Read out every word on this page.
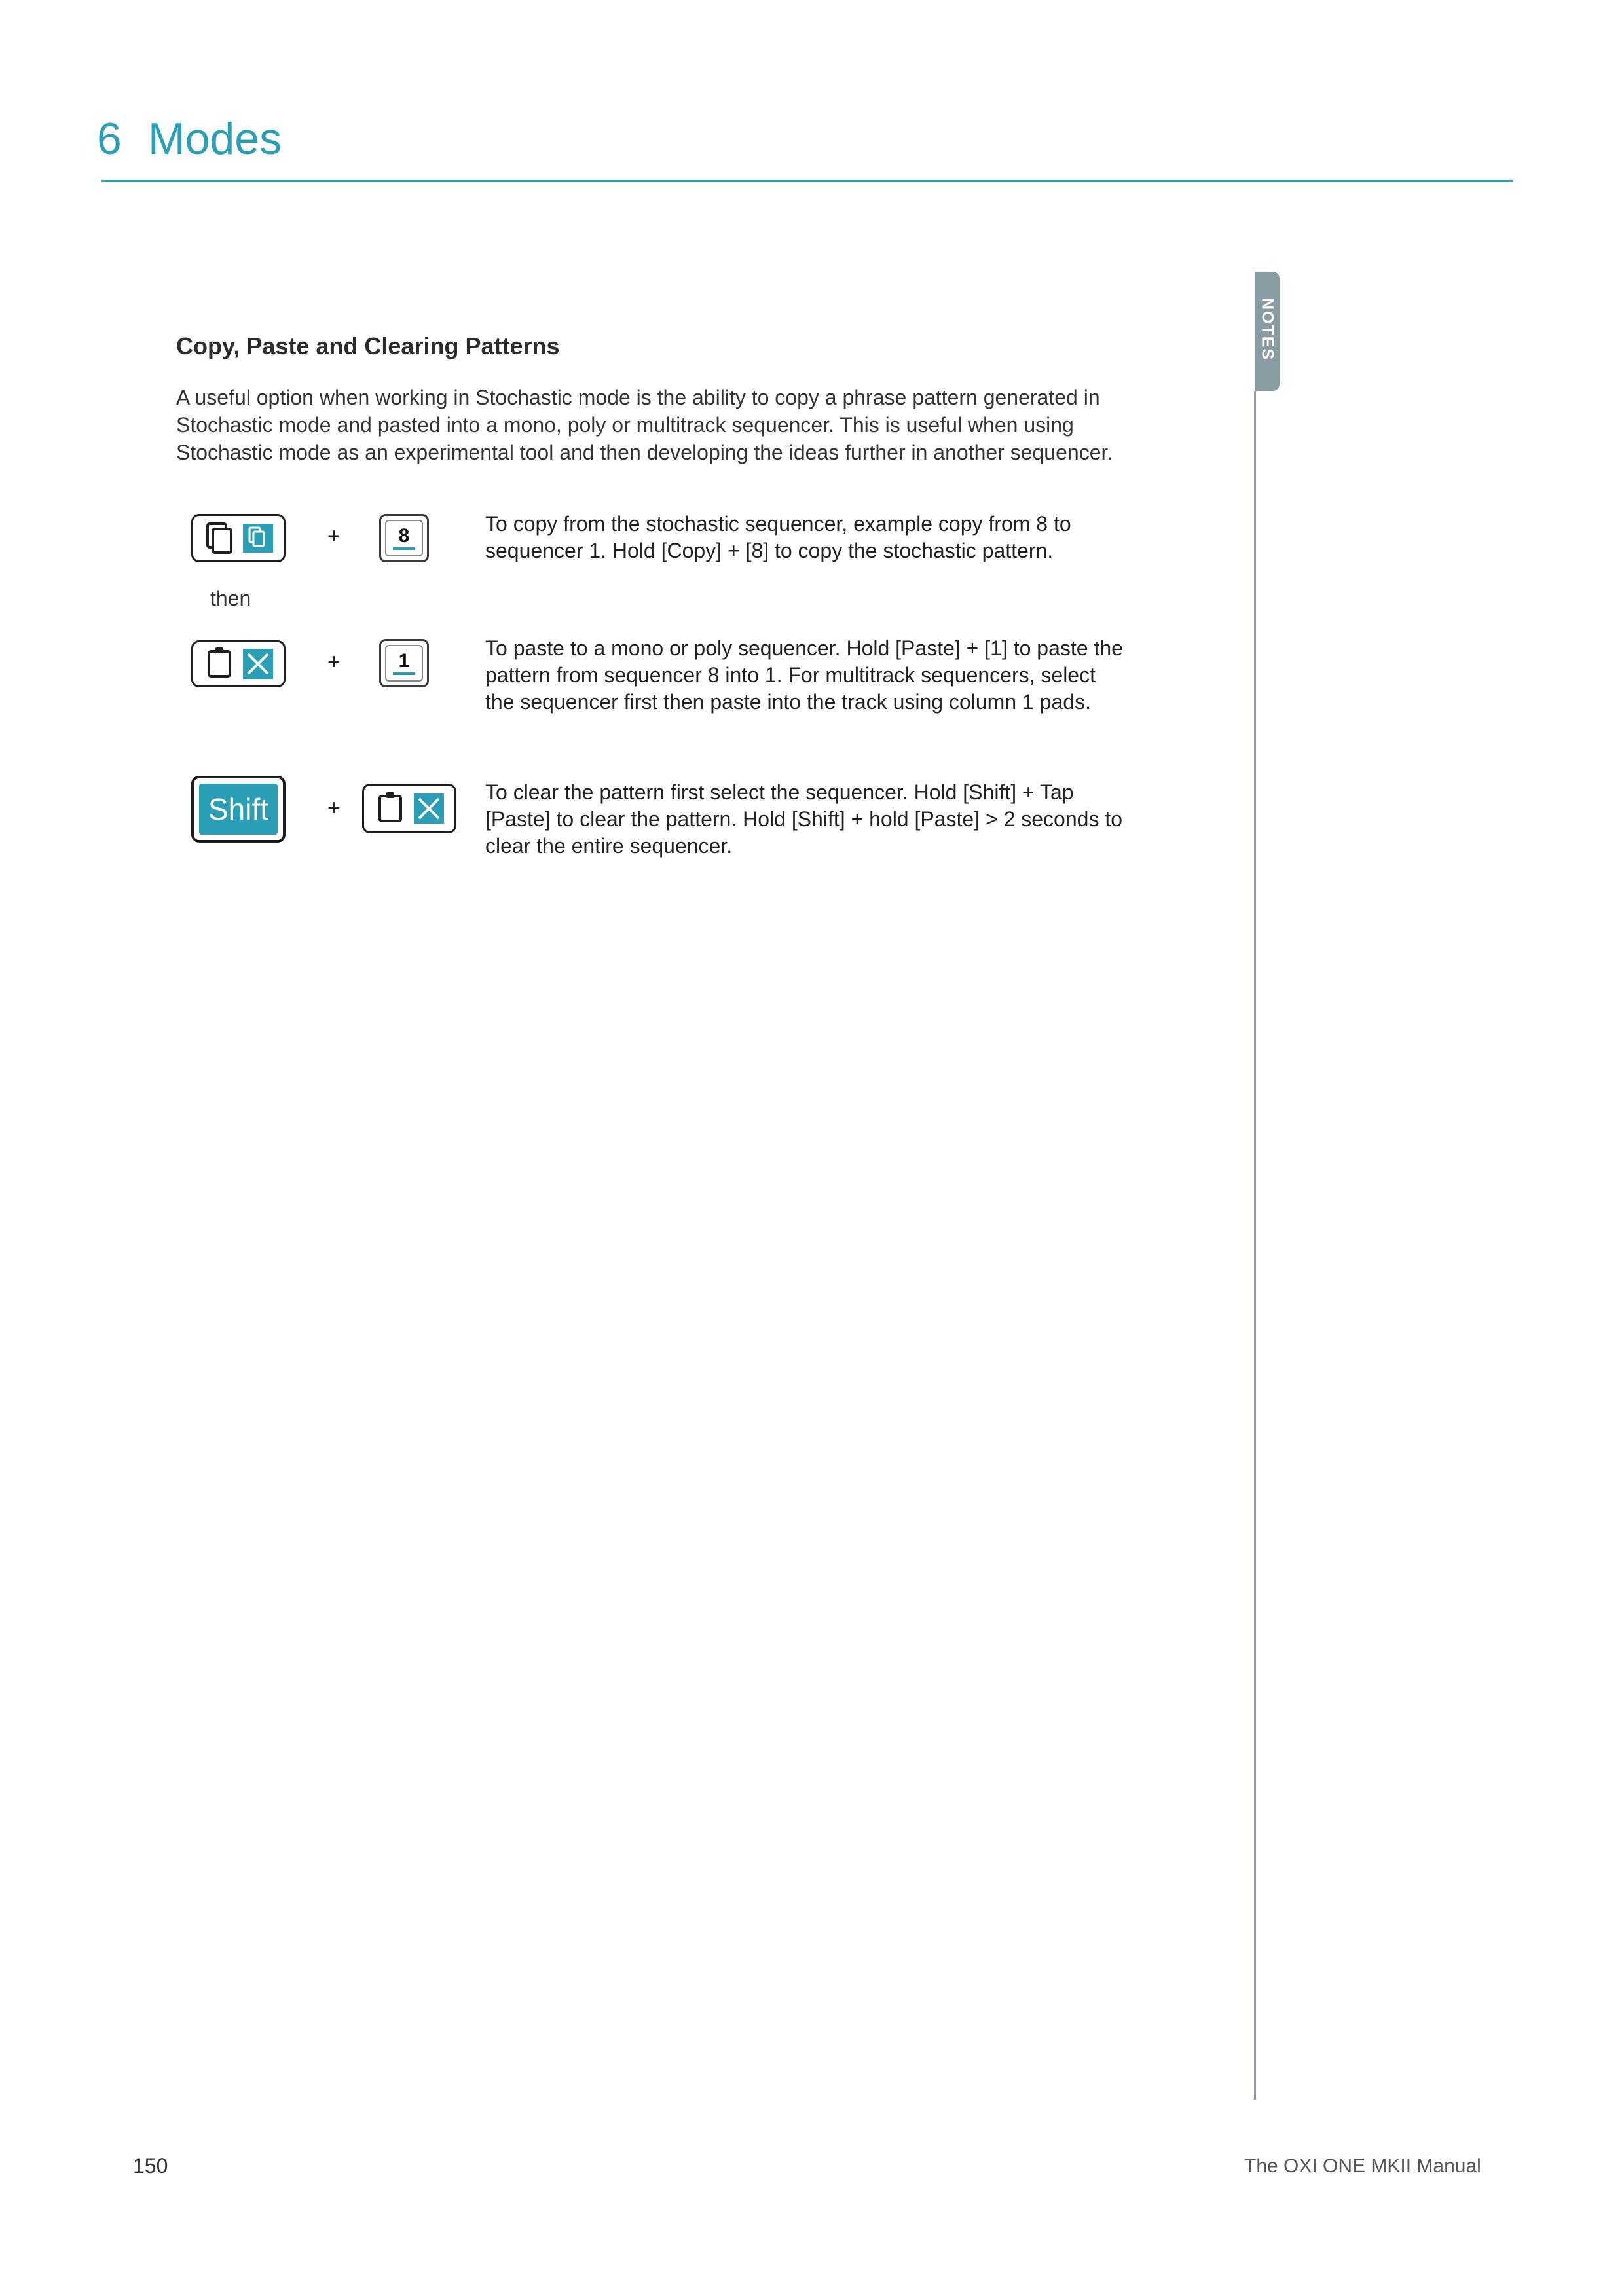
6 Modes
NOTES
Copy, Paste and Clearing Patterns
A useful option when working in Stochastic mode is the ability to copy a phrase pattern generated in
Stochastic mode and pasted into a mono, poly or multitrack sequencer. This is useful when using
Stochastic mode as an experimental tool and then developing the ideas further in another sequencer.
+	8
To copy from the stochastic sequencer, example copy from 8 to
sequencer 1. Hold [Copy] + [8] to copy the stochastic pattern.
then
+	1
To paste to a mono or poly sequencer. Hold [Paste] + [1] to paste the
pattern from sequencer 8 into 1. For multitrack sequencers, select
the sequencer first then paste into the track using column 1 pads.
Shift	+
To clear the pattern first select the sequencer. Hold [Shift] + Tap
[Paste] to clear the pattern. Hold [Shift] + hold [Paste] > 2 seconds to
clear the entire sequencer.
150	The OXI ONE MKII Manual
